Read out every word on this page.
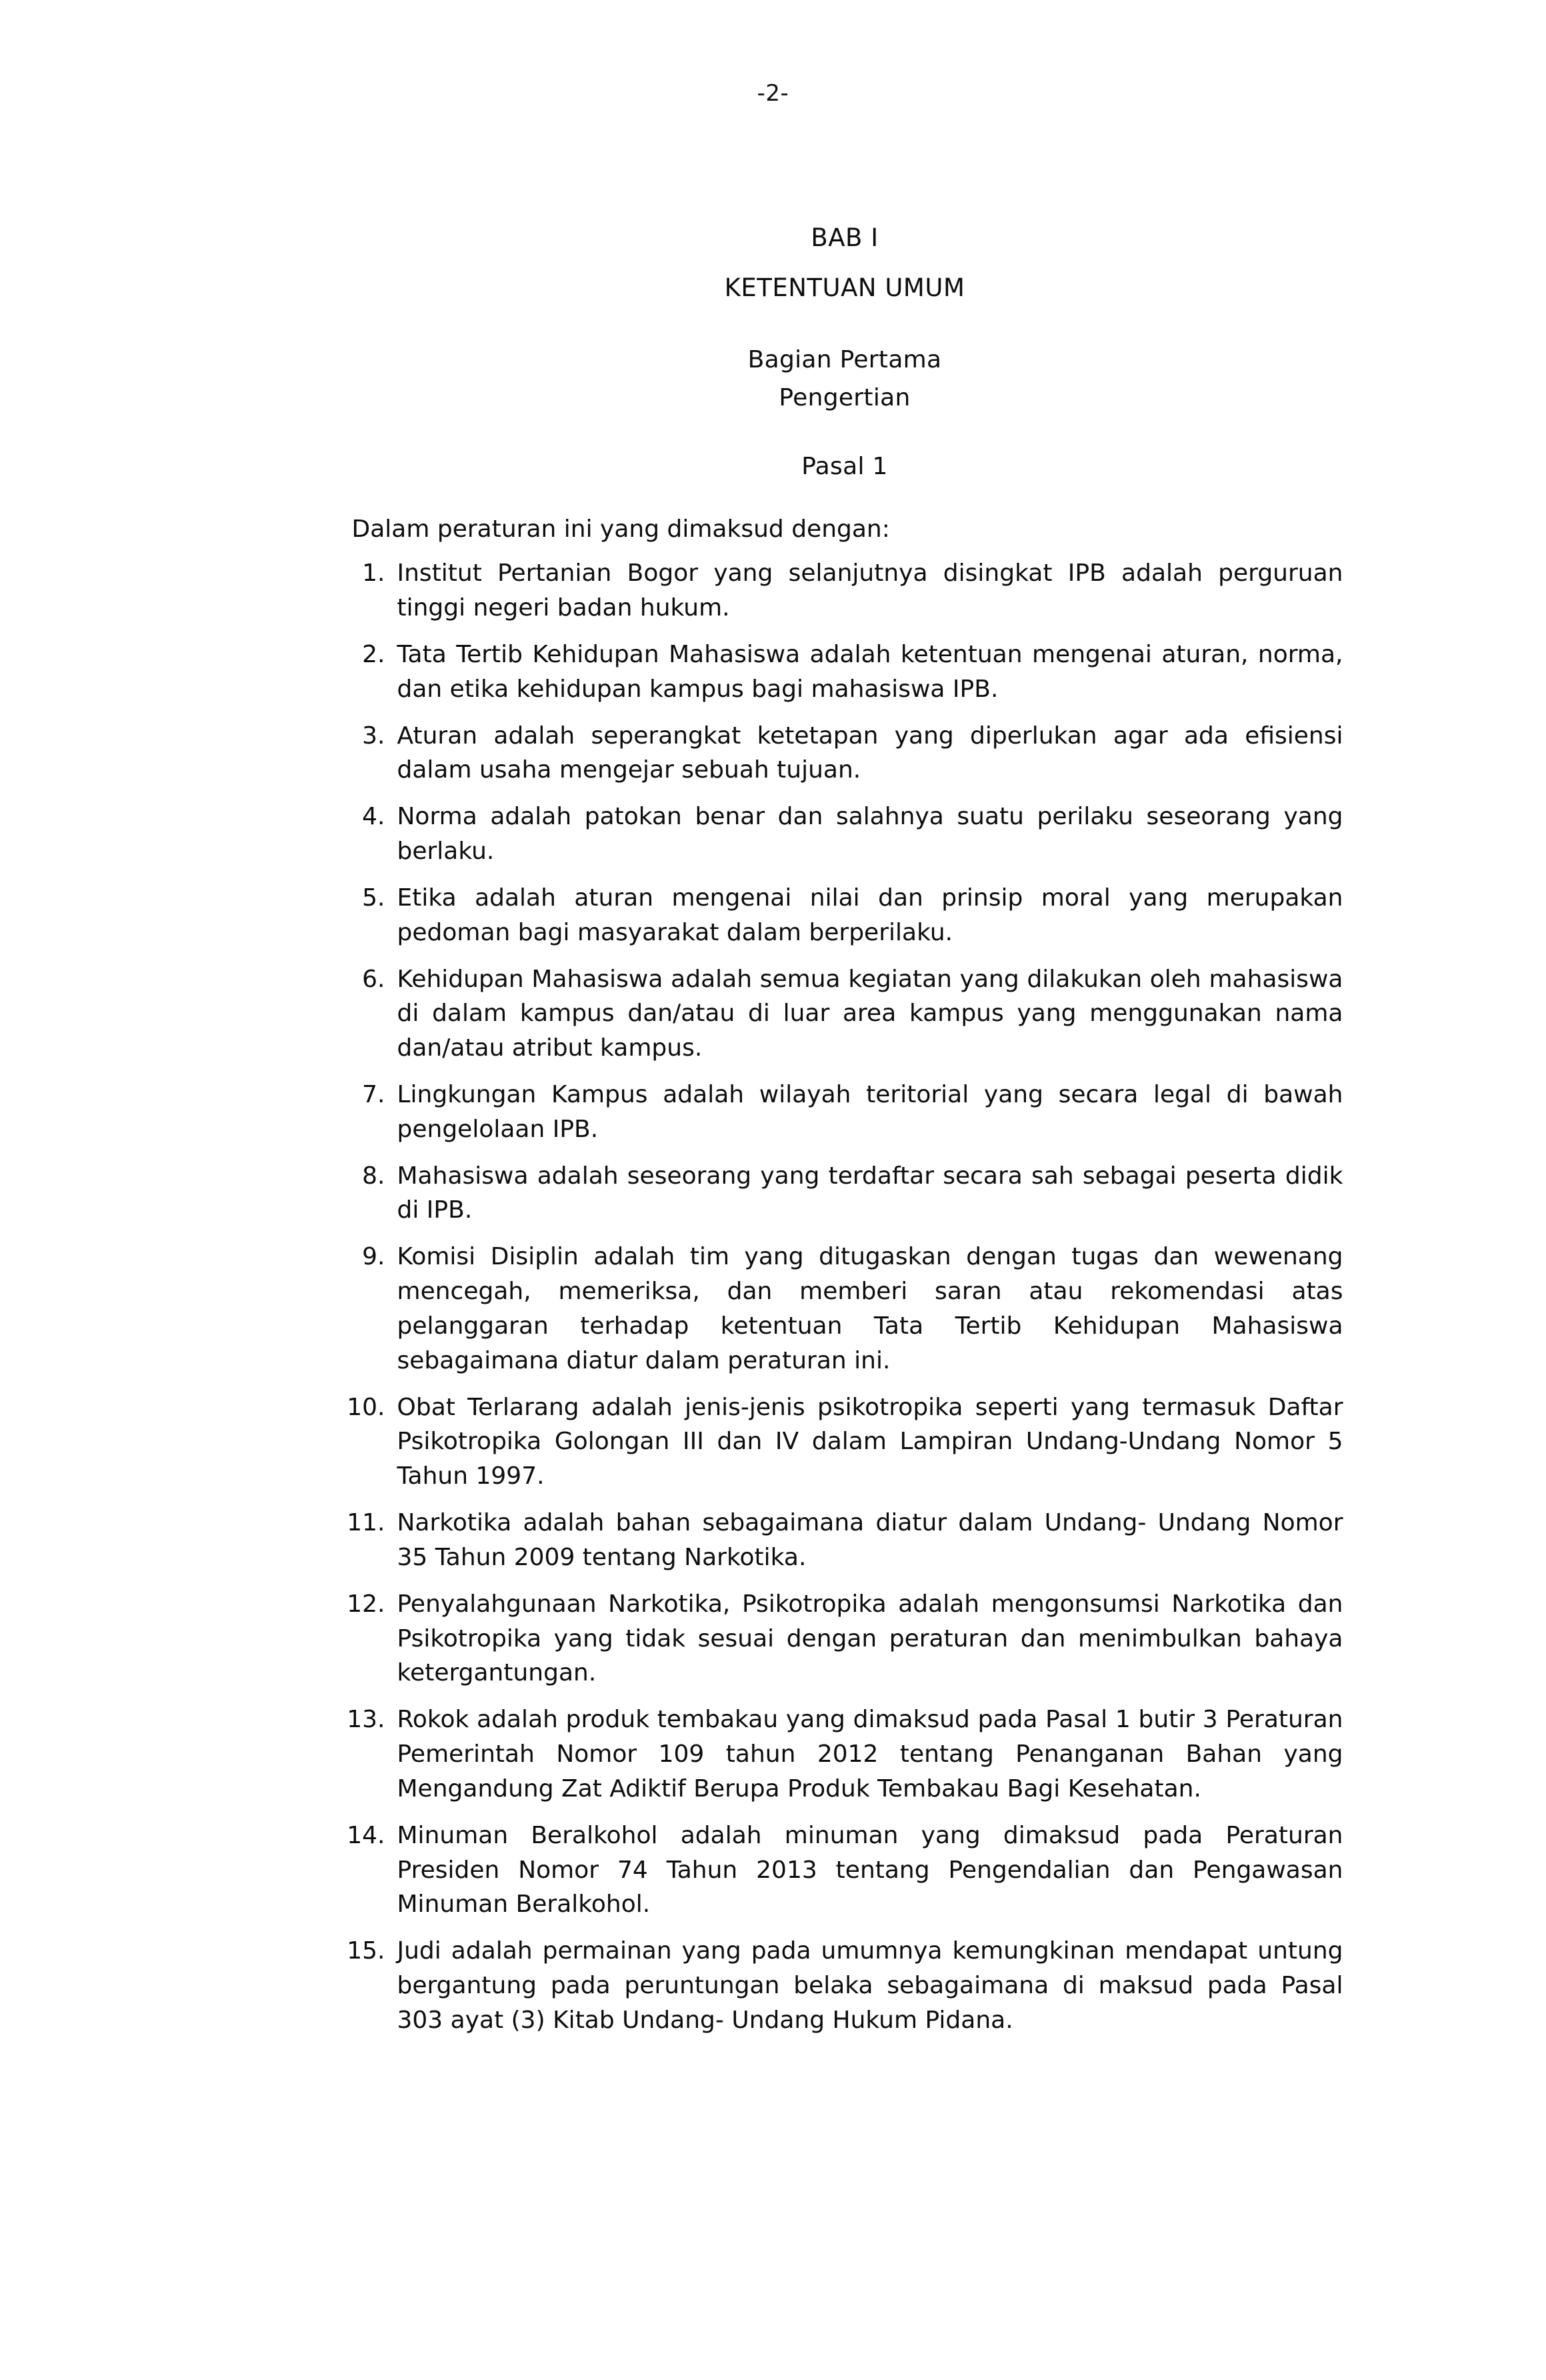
-2-
BAB I
KETENTUAN UMUM
Bagian Pertama
Pengertian
Pasal 1
Dalam peraturan ini yang dimaksud dengan:
1 . Institut Pertanian Bogor yang selanjutnya disingkat IPB adalah perguruan tinggi negeri badan hukum.
2 . Tata Tertib Kehidupan Mahasiswa adalah ketentuan mengenai aturan, norma, dan etika kehidupan kampus bagi mahasiswa IPB.
3 . Aturan adalah seperangkat ketetapan yang diperlukan agar ada efisiensi dalam usaha mengejar sebuah tujuan.
4 . Norma adalah patokan benar dan salahnya suatu perilaku seseorang yang berlaku.
5 . Etika adalah aturan mengenai nilai dan prinsip moral yang merupakan pedoman bagi masyarakat dalam berperilaku.
6 . Kehidupan Mahasiswa adalah semua kegiatan yang dilakukan oleh mahasiswa di dalam kampus dan/atau di luar area kampus yang menggunakan nama dan/atau atribut kampus.
7 . Lingkungan Kampus adalah wilayah teritorial yang secara legal di bawah pengelolaan IPB.
8 . Mahasiswa adalah seseorang yang terdaftar secara sah sebagai peserta didik di IPB.
9 . Komisi Disiplin adalah tim yang ditugaskan dengan tugas dan wewenang mencegah, memeriksa, dan memberi saran atau rekomendasi atas pelanggaran terhadap ketentuan Tata Tertib Kehidupan Mahasiswa sebagaimana diatur dalam peraturan ini.
10 . Obat Terlarang adalah jenis-jenis psikotropika seperti yang termasuk Daftar Psikotropika Golongan III dan IV dalam Lampiran Undang-Undang Nomor 5 Tahun 1997.
11 . Narkotika adalah bahan sebagaimana diatur dalam Undang- Undang Nomor 35 Tahun 2009 tentang Narkotika.
12 . Penyalahgunaan Narkotika, Psikotropika adalah mengonsumsi Narkotika dan Psikotropika yang tidak sesuai dengan peraturan dan menimbulkan bahaya ketergantungan.
13 . Rokok adalah produk tembakau yang dimaksud pada Pasal 1 butir 3 Peraturan Pemerintah Nomor 109 tahun 2012 tentang Penanganan Bahan yang Mengandung Zat Adiktif Berupa Produk Tembakau Bagi Kesehatan.
14 . Minuman Beralkohol adalah minuman yang dimaksud pada Peraturan Presiden Nomor 74 Tahun 2013 tentang Pengendalian dan Pengawasan Minuman Beralkohol.
15 . Judi adalah permainan yang pada umumnya kemungkinan mendapat untung bergantung pada peruntungan belaka sebagaimana di maksud pada Pasal 303 ayat (3) Kitab Undang- Undang Hukum Pidana.
